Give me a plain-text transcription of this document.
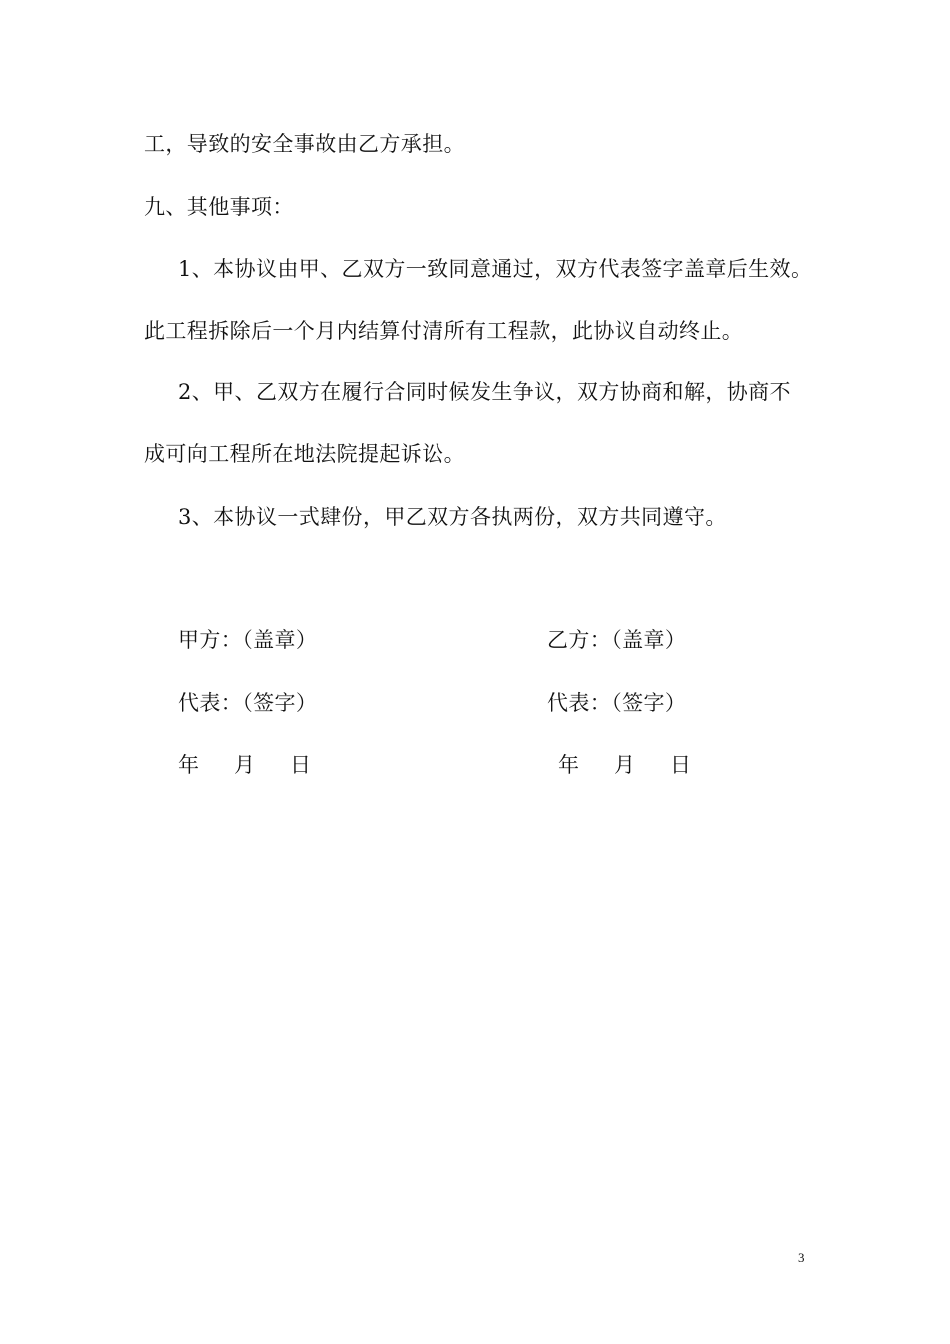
工，导致的安全事故由乙方承担。
九、其他事项：
1、本协议由甲、乙双方一致同意通过，双方代表签字盖章后生效。
此工程拆除后一个月内结算付清所有工程款，此协议自动终止。
2、甲、乙双方在履行合同时候发生争议，双方协商和解，协商不
成可向工程所在地法院提起诉讼。
3、本协议一式肆份，甲乙双方各执两份，双方共同遵守。
甲方：（盖章）
代表：（签字）
年 月 日
乙方：（盖章）
代表：（签字）
年 月 日
3
